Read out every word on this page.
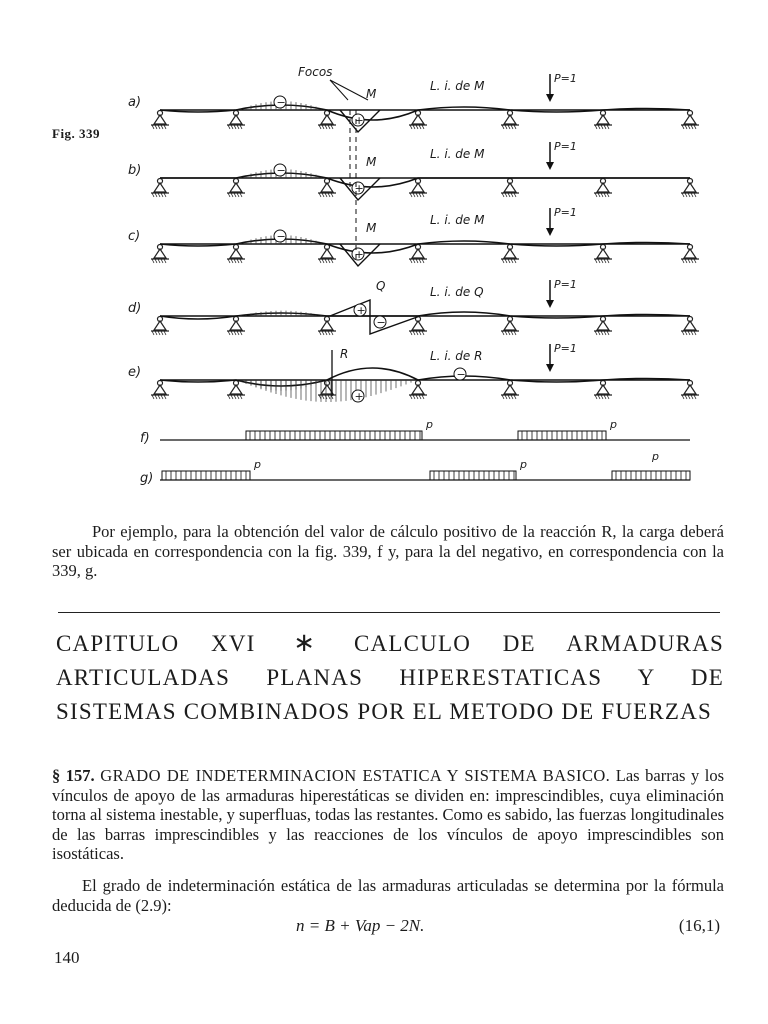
a)
L. i. de M
P=1
b)
L. i. de M
P=1
c)
L. i. de M
P=1
d)
L. i. de Q
P=1
e)
L. i. de R
P=1
M
+
−
M
+
−
M
+
−
Focos
Q
+
−
R
+
−
f)
p	p
g)
p	p
p
Fig. 339
Por ejemplo, para la obtención del valor de cálculo positivo de la reacción R, la carga deberá ser ubicada en correspondencia con la fig. 339, f y, para la del negativo, en correspondencia con la 339, g.
CAPITULO XVI ∗ CALCULO DE ARMADURAS ARTICULADAS PLANAS HIPERESTATICAS Y DE SISTEMAS COMBINADOS POR EL METODO DE FUERZAS
§ 157. GRADO DE INDETERMINACION ESTATICA Y SISTEMA BASICO. Las barras y los vínculos de apoyo de las armaduras hiperestáticas se dividen en: imprescindibles, cuya eliminación torna al sistema inestable, y superfluas, todas las restantes. Como es sabido, las fuerzas longitudinales de las barras imprescindibles y las reacciones de los vínculos de apoyo imprescindibles son isostáticas.
El grado de indeterminación estática de las armaduras articuladas se determina por la fórmula deducida de (2.9):
n = B + Vap − 2N.	(16,1)
140
